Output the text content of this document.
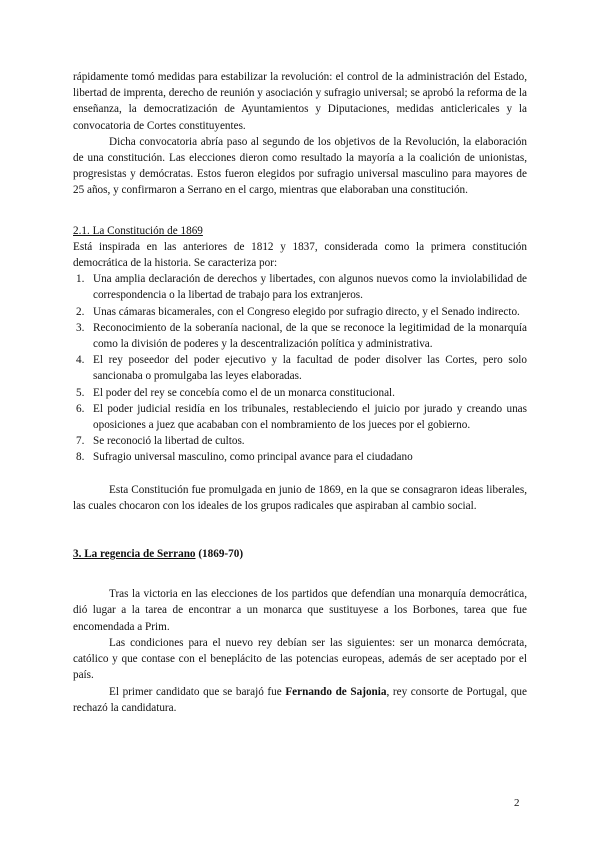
rápidamente tomó medidas para estabilizar la revolución: el control de la administración del Estado, libertad de imprenta, derecho de reunión y asociación y sufragio universal; se aprobó la reforma de la enseñanza, la democratización de Ayuntamientos y Diputaciones, medidas anticlericales y la convocatoria de Cortes constituyentes.

Dicha convocatoria abría paso al segundo de los objetivos de la Revolución, la elaboración de una constitución. Las elecciones dieron como resultado la mayoría a la coalición de unionistas, progresistas y demócratas. Estos fueron elegidos por sufragio universal masculino para mayores de 25 años, y confirmaron a Serrano en el cargo, mientras que elaboraban una constitución.

2.1. La Constitución de 1869

Está inspirada en las anteriores de 1812 y 1837, considerada como la primera constitución democrática de la historia. Se caracteriza por:

1. Una amplia declaración de derechos y libertades, con algunos nuevos como la inviolabilidad de correspondencia o la libertad de trabajo para los extranjeros.
2. Unas cámaras bicamerales, con el Congreso elegido por sufragio directo, y el Senado indirecto.
3. Reconocimiento de la soberanía nacional, de la que se reconoce la legitimidad de la monarquía como la división de poderes y la descentralización política y administrativa.
4. El rey poseedor del poder ejecutivo y la facultad de poder disolver las Cortes, pero solo sancionaba o promulgaba las leyes elaboradas.
5. El poder del rey se concebía como el de un monarca constitucional.
6. El poder judicial residía en los tribunales, restableciendo el juicio por jurado y creando unas oposiciones a juez que acababan con el nombramiento de los jueces por el gobierno.
7. Se reconoció la libertad de cultos.
8. Sufragio universal masculino, como principal avance para el ciudadano

Esta Constitución fue promulgada en junio de 1869, en la que se consagraron ideas liberales, las cuales chocaron con los ideales de los grupos radicales que aspiraban al cambio social.

3. La regencia de Serrano (1869-70)

Tras la victoria en las elecciones de los partidos que defendían una monarquía democrática, dió lugar a la tarea de encontrar a un monarca que sustituyese a los Borbones, tarea que fue encomendada a Prim.

Las condiciones para el nuevo rey debían ser las siguientes: ser un monarca demócrata, católico y que contase con el beneplácito de las potencias europeas, además de ser aceptado por el país.

El primer candidato que se barajó fue Fernando de Sajonia, rey consorte de Portugal, que rechazó la candidatura.

2
